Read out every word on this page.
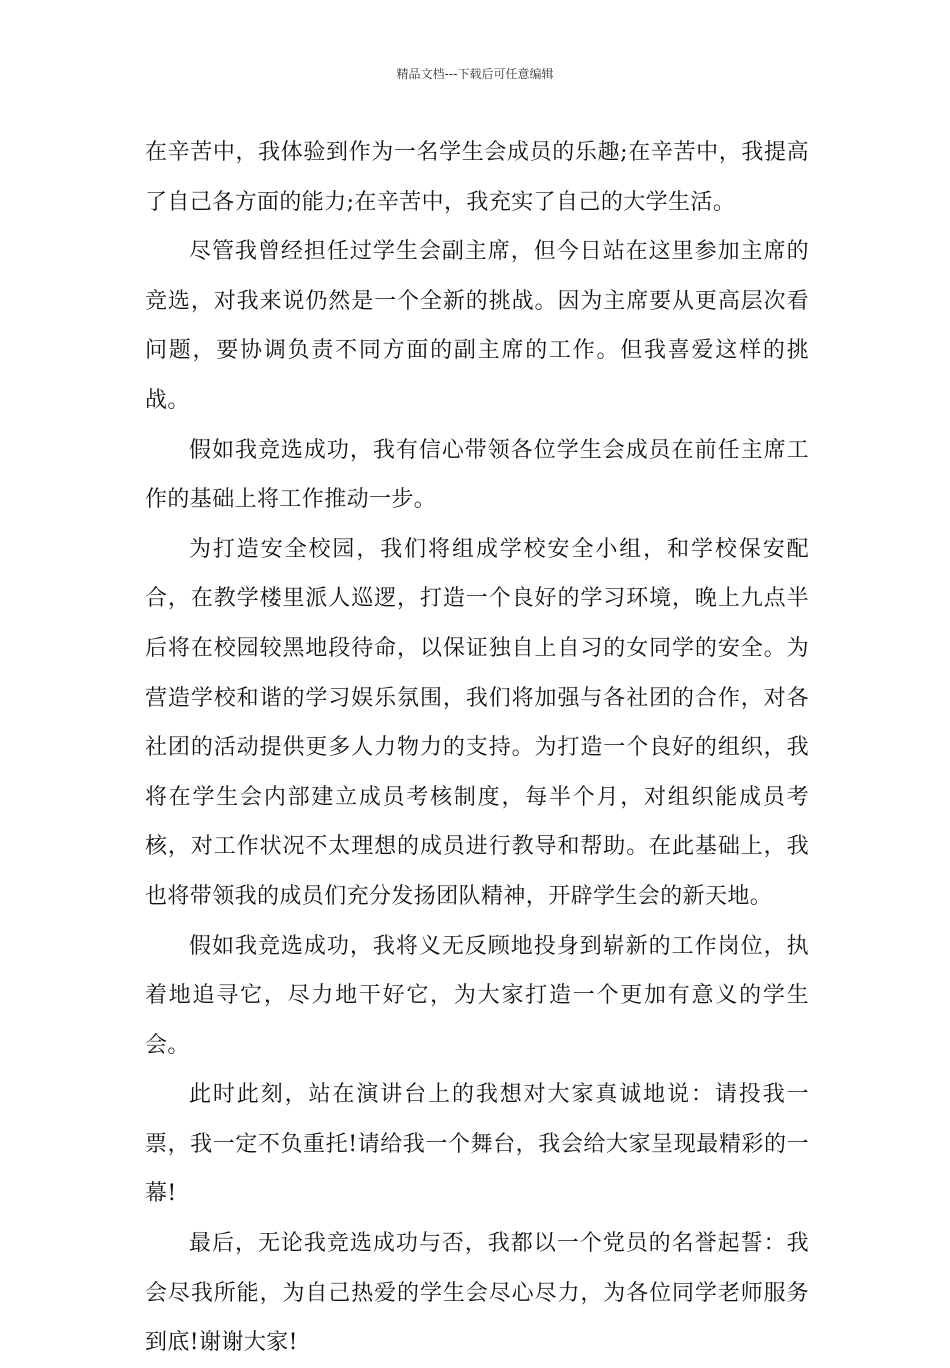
精品文档---下载后可任意编辑

在辛苦中，我体验到作为一名学生会成员的乐趣;在辛苦中，我提高了自己各方面的能力;在辛苦中，我充实了自己的大学生活。

尽管我曾经担任过学生会副主席，但今日站在这里参加主席的竞选，对我来说仍然是一个全新的挑战。因为主席要从更高层次看问题，要协调负责不同方面的副主席的工作。但我喜爱这样的挑战。

假如我竞选成功，我有信心带领各位学生会成员在前任主席工作的基础上将工作推动一步。

为打造安全校园，我们将组成学校安全小组，和学校保安配合，在教学楼里派人巡逻，打造一个良好的学习环境，晚上九点半后将在校园较黑地段待命，以保证独自上自习的女同学的安全。为营造学校和谐的学习娱乐氛围，我们将加强与各社团的合作，对各社团的活动提供更多人力物力的支持。为打造一个良好的组织，我将在学生会内部建立成员考核制度，每半个月，对组织能成员考核，对工作状况不太理想的成员进行教导和帮助。在此基础上，我也将带领我的成员们充分发扬团队精神，开辟学生会的新天地。

假如我竞选成功，我将义无反顾地投身到崭新的工作岗位，执着地追寻它，尽力地干好它，为大家打造一个更加有意义的学生会。

此时此刻，站在演讲台上的我想对大家真诚地说：请投我一票，我一定不负重托!请给我一个舞台，我会给大家呈现最精彩的一幕!

最后，无论我竞选成功与否，我都以一个党员的名誉起誓：我会尽我所能，为自己热爱的学生会尽心尽力，为各位同学老师服务到底!谢谢大家!
